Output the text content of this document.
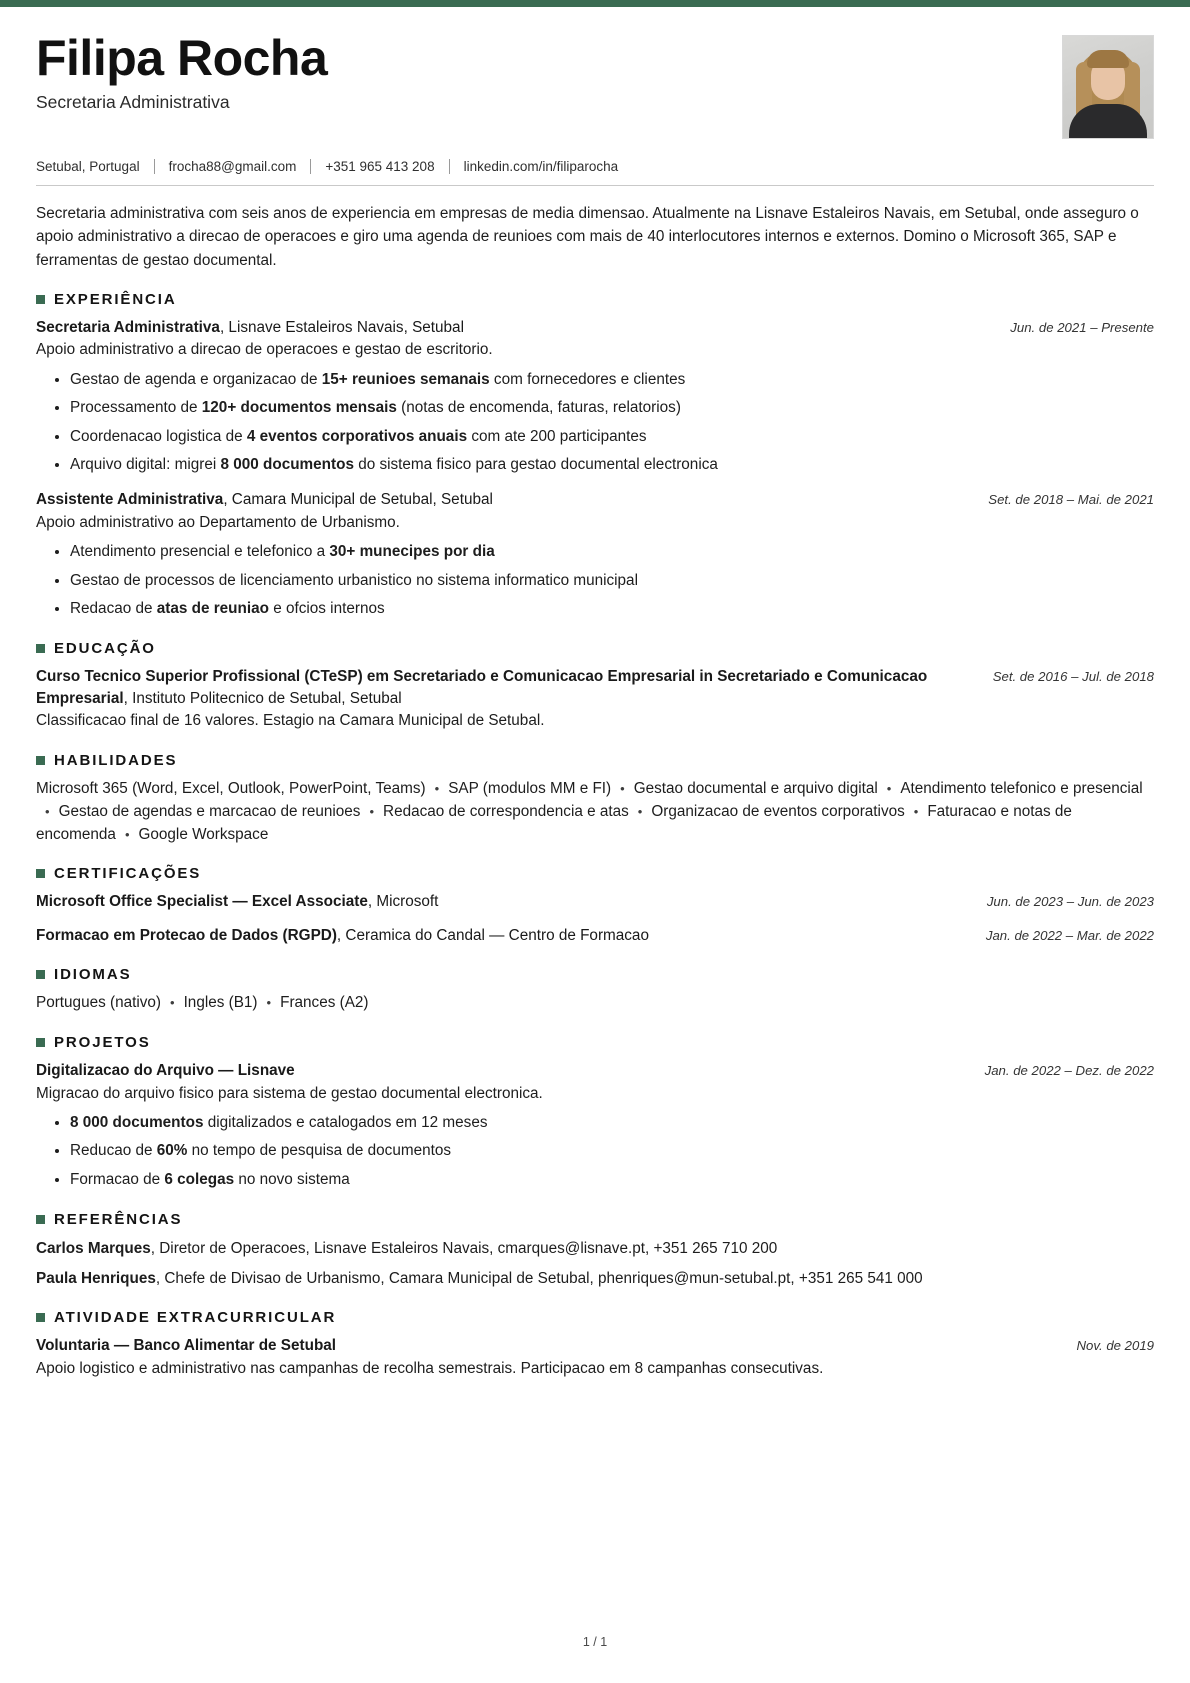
Filipa Rocha

Secretaria Administrativa

Setubal, Portugal frocha88@gmail.com +351 965 413 208 linkedin.com/in/filiparocha

Secretaria administrativa com seis anos de experiencia em empresas de media dimensao. Atualmente na Lisnave Estaleiros Navais, em Setubal, onde asseguro o apoio administrativo a direcao de operacoes e giro uma agenda de reunioes com mais de 40 interlocutores internos e externos. Domino o Microsoft 365, SAP e ferramentas de gestao documental.

EXPERIÊNCIA
Secretaria Administrativa, Lisnave Estaleiros Navais, Setubal	Jun. de 2021 – Presente
Apoio administrativo a direcao de operacoes e gestao de escritorio.
Gestao de agenda e organizacao de 15+ reunioes semanais com fornecedores e clientes
Processamento de 120+ documentos mensais (notas de encomenda, faturas, relatorios)
Coordenacao logistica de 4 eventos corporativos anuais com ate 200 participantes
Arquivo digital: migrei 8 000 documentos do sistema fisico para gestao documental electronica
Assistente Administrativa, Camara Municipal de Setubal, Setubal	Set. de 2018 – Mai. de 2021
Apoio administrativo ao Departamento de Urbanismo.
Atendimento presencial e telefonico a 30+ munecipes por dia
Gestao de processos de licenciamento urbanistico no sistema informatico municipal
Redacao de atas de reuniao e ofcios internos
EDUCAÇÃO
Curso Tecnico Superior Profissional (CTeSP) em Secretariado e Comunicacao Empresarial in Secretariado e Comunicacao Empresarial, Instituto Politecnico de Setubal, Setubal
Set. de 2016 – Jul. de 2018
Classificacao final de 16 valores. Estagio na Camara Municipal de Setubal.
HABILIDADES
Microsoft 365 (Word, Excel, Outlook, PowerPoint, Teams) • SAP (modulos MM e FI) • Gestao documental e arquivo digital • Atendimento telefonico e presencial• Gestao de agendas e marcacao de reunioes • Redacao de correspondencia e atas • Organizacao de eventos corporativos • Faturacao e notas de encomenda • Google Workspace
CERTIFICAÇÕES
Microsoft Office Specialist — Excel Associate, Microsoft	Jun. de 2023 – Jun. de 2023
Formacao em Protecao de Dados (RGPD), Ceramica do Candal — Centro de Formacao	Jan. de 2022 – Mar. de 2022
IDIOMAS
Portugues (nativo) • Ingles (B1) • Frances (A2)
PROJETOS
Digitalizacao do Arquivo — Lisnave	Jan. de 2022 – Dez. de 2022
Migracao do arquivo fisico para sistema de gestao documental electronica.
8 000 documentos digitalizados e catalogados em 12 meses
Reducao de 60% no tempo de pesquisa de documentos
Formacao de 6 colegas no novo sistema
REFERÊNCIAS
Carlos Marques, Diretor de Operacoes, Lisnave Estaleiros Navais, cmarques@lisnave.pt, +351 265 710 200
Paula Henriques, Chefe de Divisao de Urbanismo, Camara Municipal de Setubal, phenriques@mun-setubal.pt, +351 265 541 000
ATIVIDADE EXTRACURRICULAR
Voluntaria — Banco Alimentar de Setubal	Nov. de 2019
Apoio logistico e administrativo nas campanhas de recolha semestrais. Participacao em 8 campanhas consecutivas.
1 / 1
